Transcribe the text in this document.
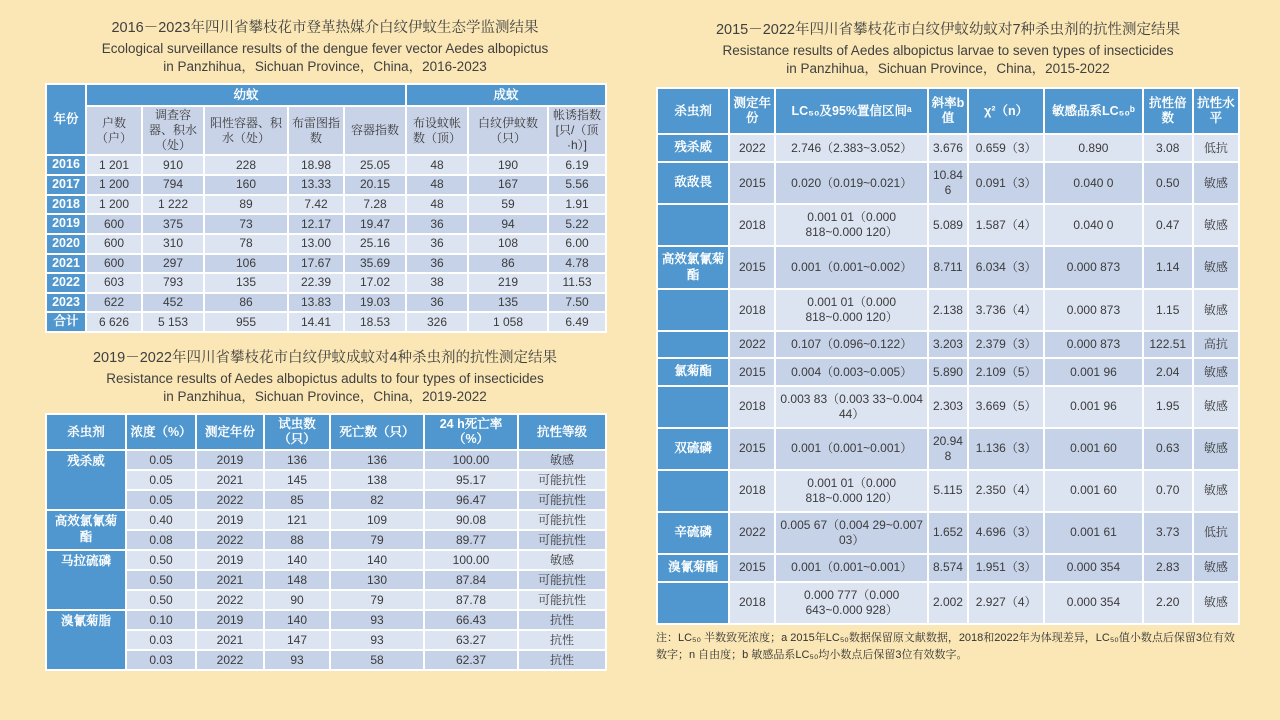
2016－2023年四川省攀枝花市登革热媒介白纹伊蚊生态学监测结果
Ecological surveillance results of the dengue fever vector Aedes albopictus
in Panzhihua，Sichuan Province，China，2016-2023
年份	幼蚊					成蚊		
	户数（户）	调查容器、积水（处）	阳性容器、积水（处）	布雷图指数	容器指数	布设蚊帐数（顶）	白纹伊蚊数（只）	帐诱指数 [只/（顶·h）]
2016	1 201	910	228	18.98	25.05	48	190	6.19
2017	1 200	794	160	13.33	20.15	48	167	5.56
2018	1 200	1 222	89	7.42	7.28	48	59	1.91
2019	600	375	73	12.17	19.47	36	94	5.22
2020	600	310	78	13.00	25.16	36	108	6.00
2021	600	297	106	17.67	35.69	36	86	4.78
2022	603	793	135	22.39	17.02	38	219	11.53
2023	622	452	86	13.83	19.03	36	135	7.50
合计	6 626	5 153	955	14.41	18.53	326	1 058	6.49
2019－2022年四川省攀枝花市白纹伊蚊成蚊对4种杀虫剂的抗性测定结果
Resistance results of Aedes albopictus adults to four types of insecticides
in Panzhihua，Sichuan Province，China，2019-2022
杀虫剂	浓度（%）	测定年份	试虫数（只）	死亡数（只）	24 h死亡率（%）	抗性等级
残杀威	0.05	2019	136	136	100.00	敏感
	0.05	2021	145	138	95.17	可能抗性
	0.05	2022	85	82	96.47	可能抗性
高效氯氰菊酯	0.40	2019	121	109	90.08	可能抗性
	0.08	2022	88	79	89.77	可能抗性
马拉硫磷	0.50	2019	140	140	100.00	敏感
	0.50	2021	148	130	87.84	可能抗性
	0.50	2022	90	79	87.78	可能抗性
溴氰菊脂	0.10	2019	140	93	66.43	抗性
	0.03	2021	147	93	63.27	抗性
	0.03	2022	93	58	62.37	抗性
2015－2022年四川省攀枝花市白纹伊蚊幼蚊对7种杀虫剂的抗性测定结果
Resistance results of Aedes albopictus larvae to seven types of insecticides
in Panzhihua，Sichuan Province，China，2015-2022
杀虫剂	测定年份	LC₅₀及95%置信区间ᵃ	斜率b值	χ²（n）	敏感品系LC₅₀ᵇ	抗性倍数	抗性水平
残杀威	2022	2.746（2.383~3.052）	3.676	0.659（3）	0.890	3.08	低抗
敌敌畏	2015	0.020（0.019~0.021）	10.846	0.091（3）	0.040 0	0.50	敏感
	2018	0.001 01（0.000 818~0.000 120）	5.089	1.587（4）	0.040 0	0.47	敏感
高效氯氰菊酯	2015	0.001（0.001~0.002）	8.711	6.034（3）	0.000 873	1.14	敏感
	2018	0.001 01（0.000 818~0.000 120）	2.138	3.736（4）	0.000 873	1.15	敏感
	2022	0.107（0.096~0.122）	3.203	2.379（3）	0.000 873	122.51	高抗
氯菊酯	2015	0.004（0.003~0.005）	5.890	2.109（5）	0.001 96	2.04	敏感
	2018	0.003 83（0.003 33~0.004 44）	2.303	3.669（5）	0.001 96	1.95	敏感
双硫磷	2015	0.001（0.001~0.001）	20.948	1.136（3）	0.001 60	0.63	敏感
	2018	0.001 01（0.000 818~0.000 120）	5.115	2.350（4）	0.001 60	0.70	敏感
辛硫磷	2022	0.005 67（0.004 29~0.007 03）	1.652	4.696（3）	0.001 61	3.73	低抗
溴氰菊酯	2015	0.001（0.001~0.001）	8.574	1.951（3）	0.000 354	2.83	敏感
	2018	0.000 777（0.000 643~0.000 928）	2.002	2.927（4）	0.000 354	2.20	敏感
注：LC₅₀ 半数致死浓度；a 2015年LC₅₀数据保留原文献数据，2018和2022年为体现差异，LC₅₀值小数点后保留3位有效数字；n 自由度；b 敏感品系LC₅₀均小数点后保留3位有效数字。
